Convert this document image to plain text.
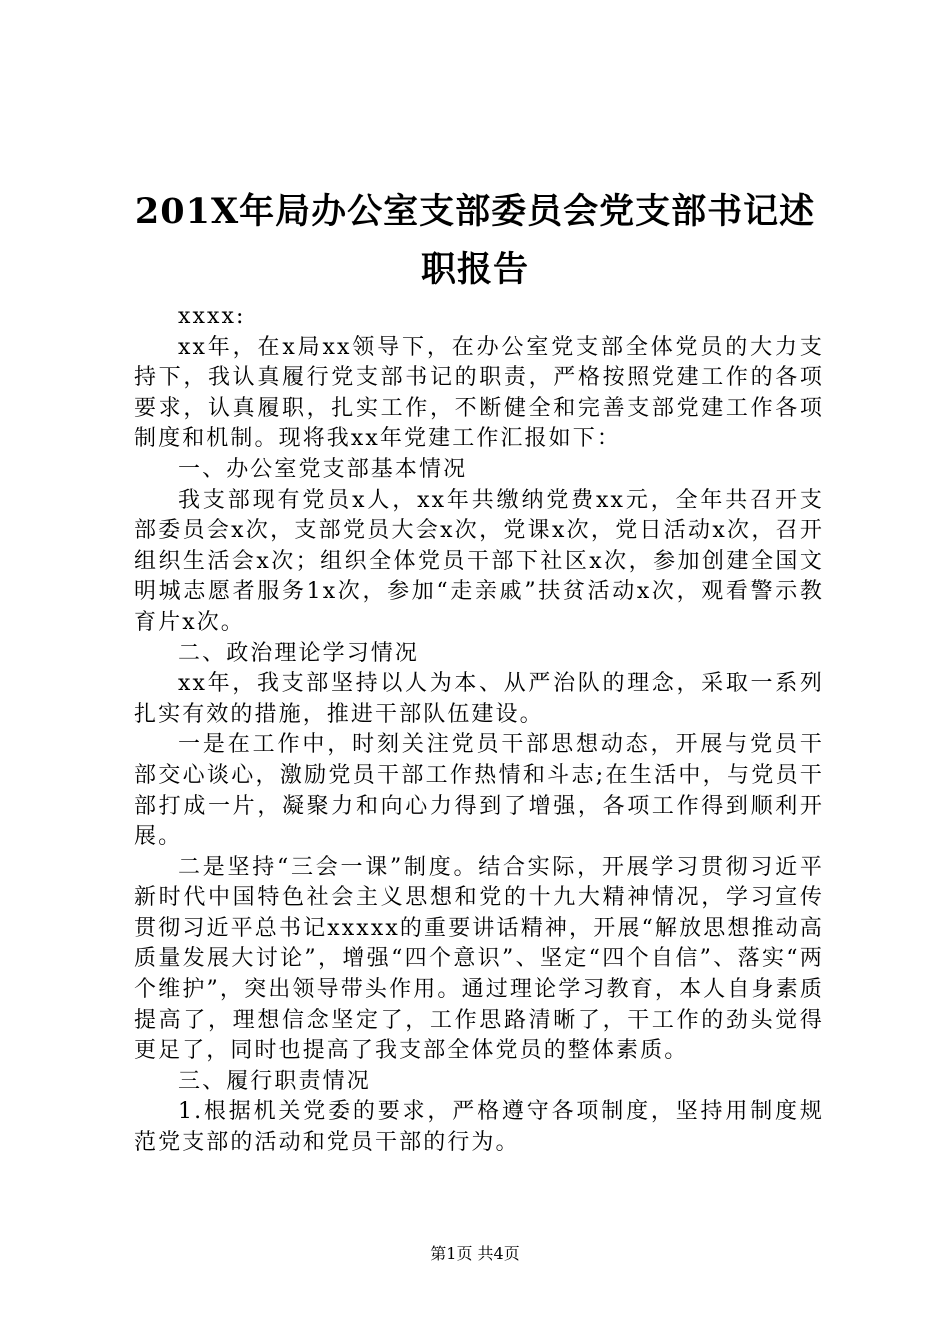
201X年局办公室支部委员会党支部书记述职报告

xxxx:

xx年，在x局xx领导下，在办公室党支部全体党员的大力支持下，我认真履行党支部书记的职责，严格按照党建工作的各项要求，认真履职，扎实工作，不断健全和完善支部党建工作各项制度和机制。现将我xx年党建工作汇报如下：

一、办公室党支部基本情况

我支部现有党员x人，xx年共缴纳党费xx元，全年共召开支部委员会x次，支部党员大会x次，党课x次，党日活动x次，召开组织生活会x次；组织全体党员干部下社区x次，参加创建全国文明城志愿者服务1x次，参加“走亲戚”扶贫活动x次，观看警示教育片x次。

二、政治理论学习情况

xx年，我支部坚持以人为本、从严治队的理念，采取一系列扎实有效的措施，推进干部队伍建设。

一是在工作中，时刻关注党员干部思想动态，开展与党员干部交心谈心，激励党员干部工作热情和斗志;在生活中，与党员干部打成一片，凝聚力和向心力得到了增强，各项工作得到顺利开展。

二是坚持“三会一课”制度。结合实际，开展学习贯彻习近平新时代中国特色社会主义思想和党的十九大精神情况，学习宣传贯彻习近平总书记xxxxx的重要讲话精神，开展“解放思想推动高质量发展大讨论”，增强“四个意识”、坚定“四个自信”、落实“两个维护”，突出领导带头作用。通过理论学习教育，本人自身素质提高了，理想信念坚定了，工作思路清晰了，干工作的劲头觉得更足了，同时也提高了我支部全体党员的整体素质。

三、履行职责情况

1.根据机关党委的要求，严格遵守各项制度，坚持用制度规范党支部的活动和党员干部的行为。

第1页 共4页
